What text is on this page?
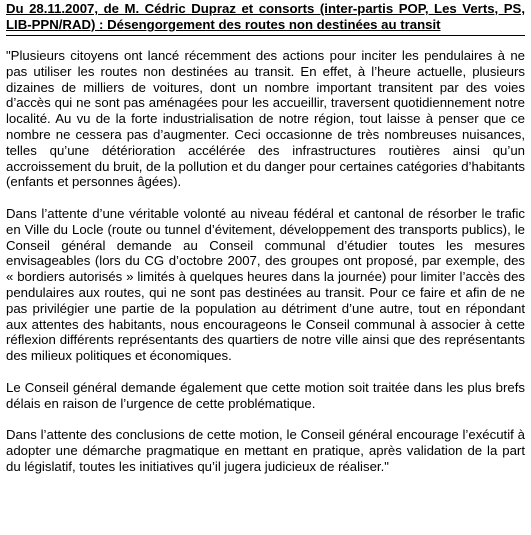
Du 28.11.2007, de M. Cédric Dupraz et consorts (inter-partis POP, Les Verts, PS, LIB-PPN/RAD) : Désengorgement des routes non destinées au transit

"Plusieurs citoyens ont lancé récemment des actions pour inciter les pendulaires à ne pas utiliser les routes non destinées au transit. En effet, à l’heure actuelle, plusieurs dizaines de milliers de voitures, dont un nombre important transitent par des voies d’accès qui ne sont pas aménagées pour les accueillir, traversent quotidiennement notre localité. Au vu de la forte industrialisation de notre région, tout laisse à penser que ce nombre ne cessera pas d’augmenter. Ceci occasionne de très nombreuses nuisances, telles qu’une détérioration accélérée des infrastructures routières ainsi qu’un accroissement du bruit, de la pollution et du danger pour certaines catégories d’habitants (enfants et personnes âgées).

Dans l’attente d’une véritable volonté au niveau fédéral et cantonal de résorber le trafic en Ville du Locle (route ou tunnel d’évitement, développement des transports publics), le Conseil général demande au Conseil communal d’étudier toutes les mesures envisageables (lors du CG d’octobre 2007, des groupes ont proposé, par exemple, des « bordiers autorisés » limités à quelques heures dans la journée) pour limiter l’accès des pendulaires aux routes, qui ne sont pas destinées au transit. Pour ce faire et afin de ne pas privilégier une partie de la population au détriment d’une autre, tout en répondant aux attentes des habitants, nous encourageons le Conseil communal à associer à cette réflexion différents représentants des quartiers de notre ville ainsi que des représentants des milieux politiques et économiques.

Le Conseil général demande également que cette motion soit traitée dans les plus brefs délais en raison de l’urgence de cette problématique.

Dans l’attente des conclusions de cette motion, le Conseil général encourage l’exécutif à adopter une démarche pragmatique en mettant en pratique, après validation de la part du législatif, toutes les initiatives qu’il jugera judicieux de réaliser."
